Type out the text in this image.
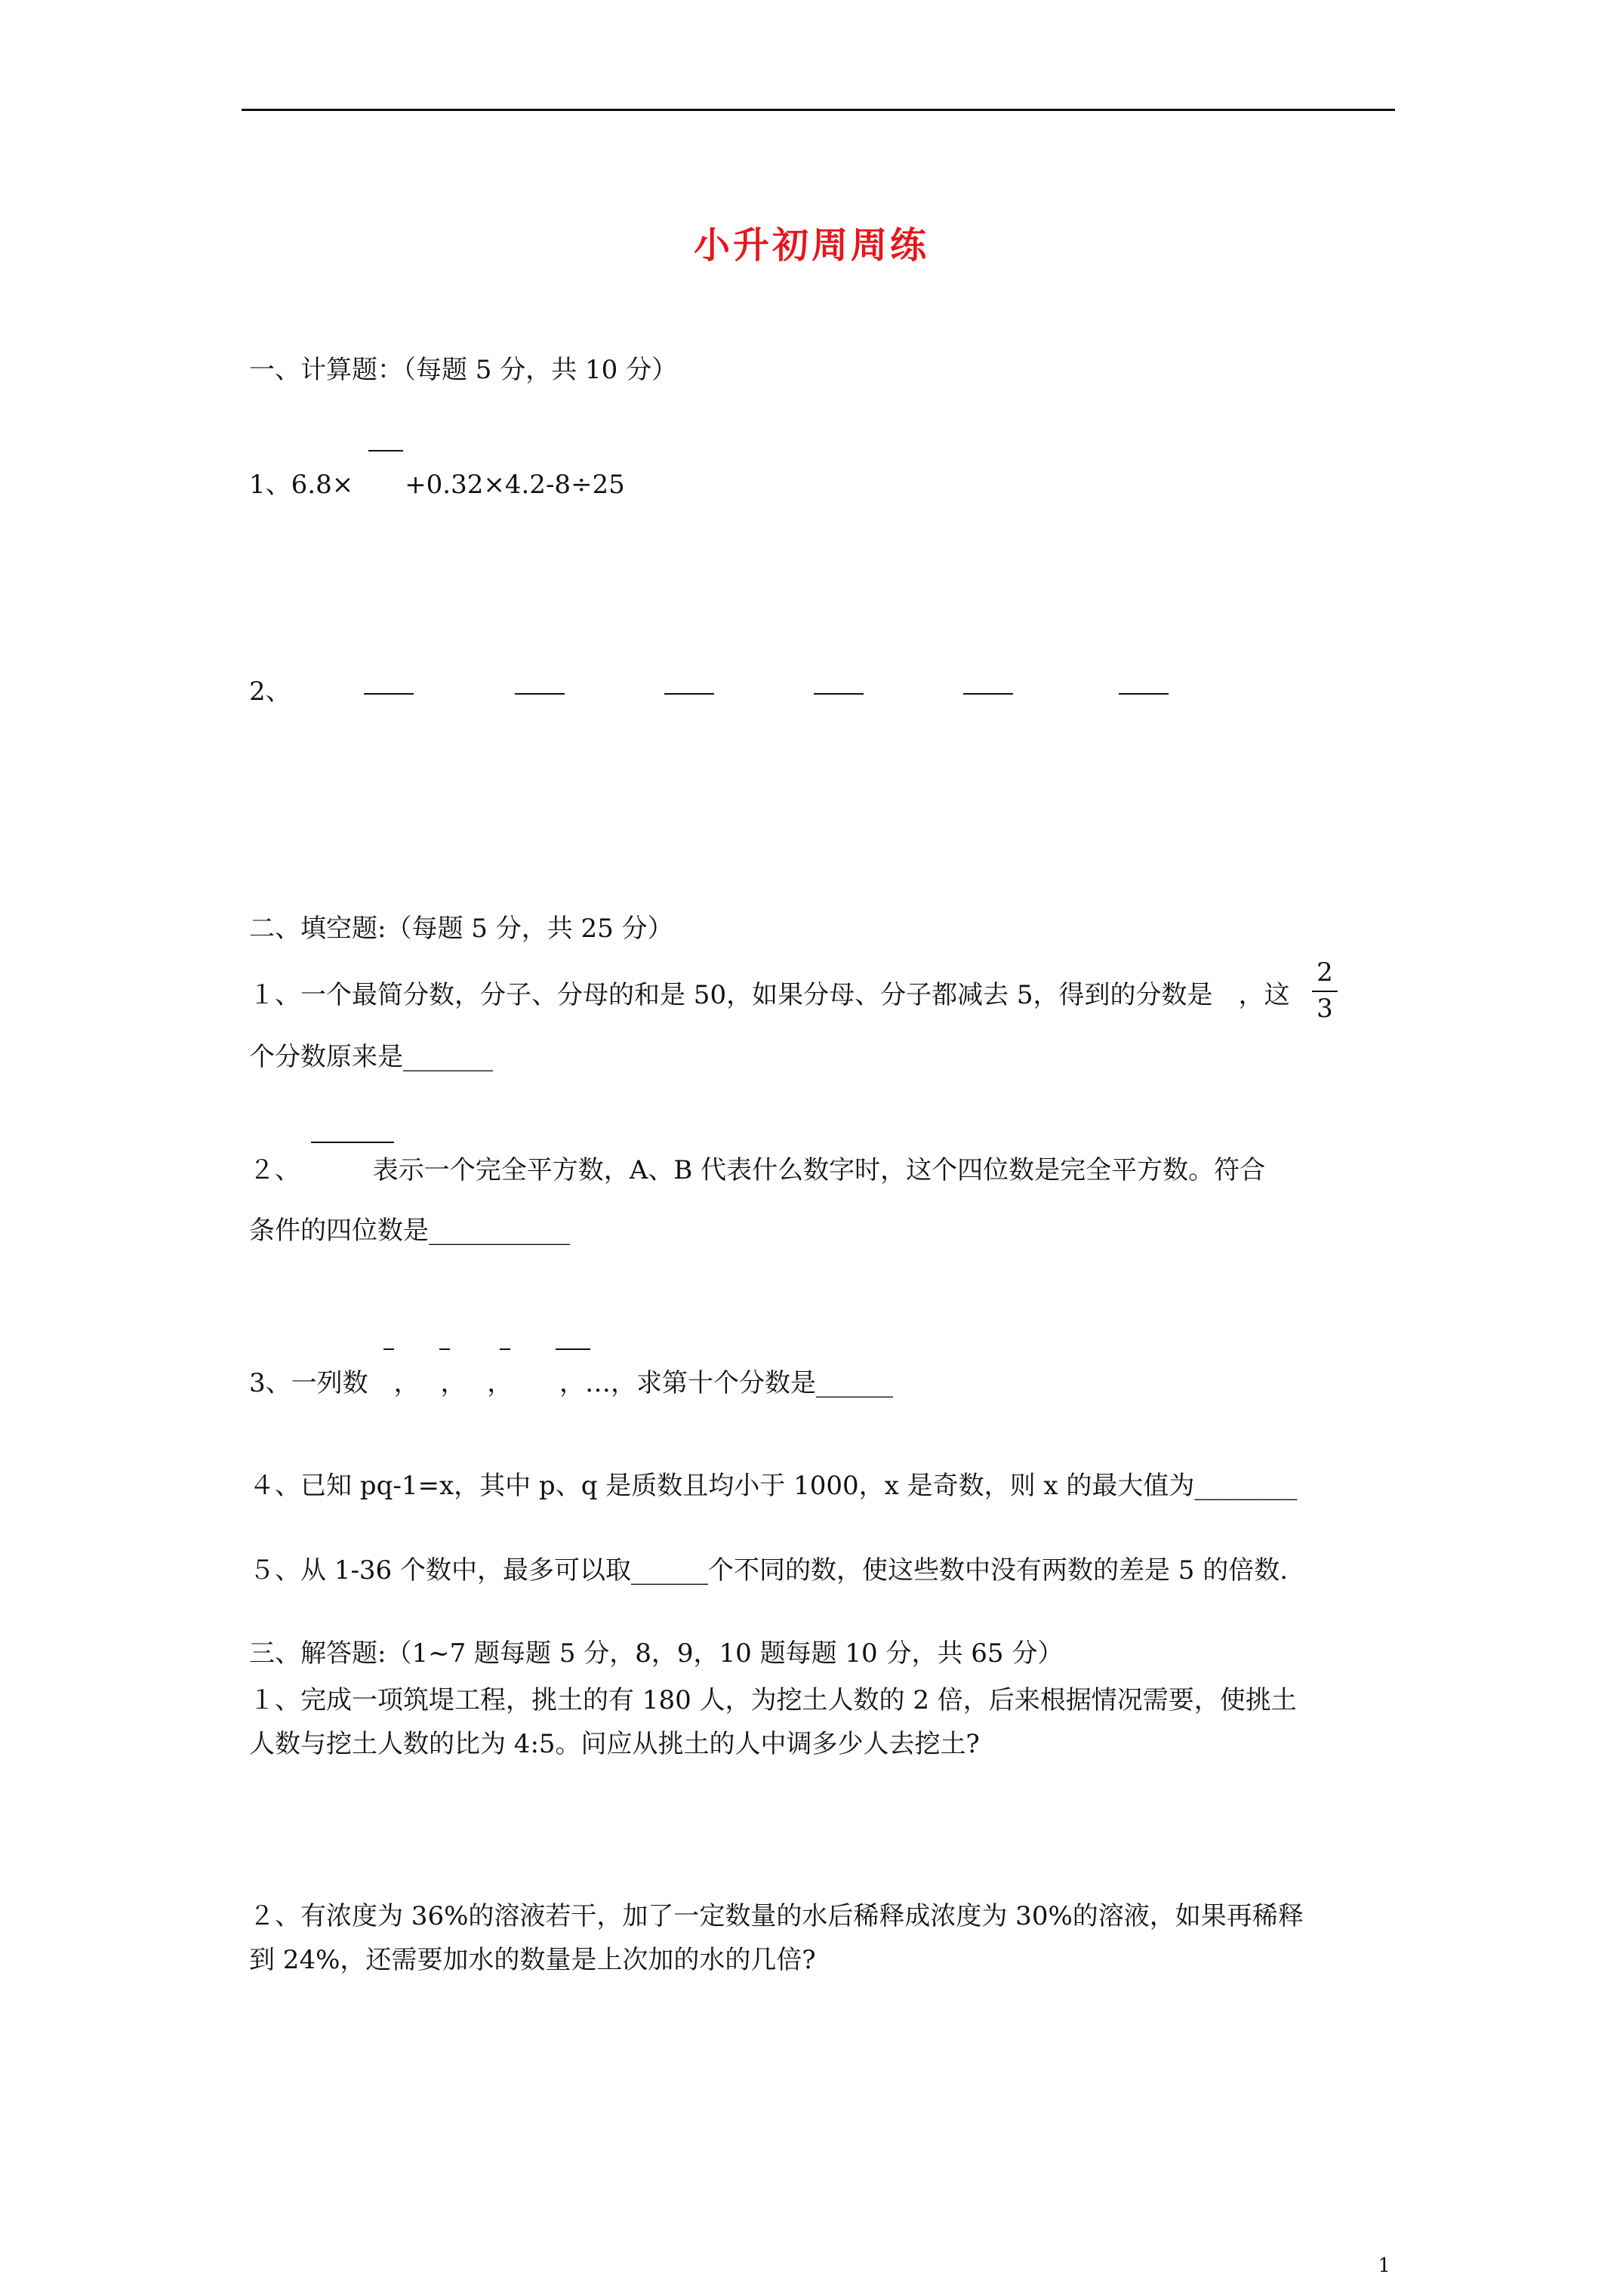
小升初周周练
一、计算题：（每题 5 分，共 10 分）
1、6.8×　　+0.32×4.2-8÷25
2、
二、填空题:（每题 5 分，共 25 分）
１、一个最简分数，分子、分母的和是 50，如果分母、分子都减去 5，得到的分数是 ，这
2
3
个分数原来是_______
２、　　　 表示一个完全平方数，A、B 代表什么数字时，这个四位数是完全平方数。符合
条件的四位数是___________
3、一列数　，　 ，　 ，　　 ，…，求第十个分数是______
４、已知 pq-1=x，其中 p、q 是质数且均小于 1000，x 是奇数，则 x 的最大值为________
５、从 1-36 个数中，最多可以取______个不同的数，使这些数中没有两数的差是 5 的倍数.
三、解答题:（1~7 题每题 5 分，8，9，10 题每题 10 分，共 65 分）
１、完成一项筑堤工程，挑土的有 180 人，为挖土人数的 2 倍，后来根据情况需要，使挑土
人数与挖土人数的比为 4:5。问应从挑土的人中调多少人去挖土?
２、有浓度为 36%的溶液若干，加了一定数量的水后稀释成浓度为 30%的溶液，如果再稀释
到 24%，还需要加水的数量是上次加的水的几倍?
1
